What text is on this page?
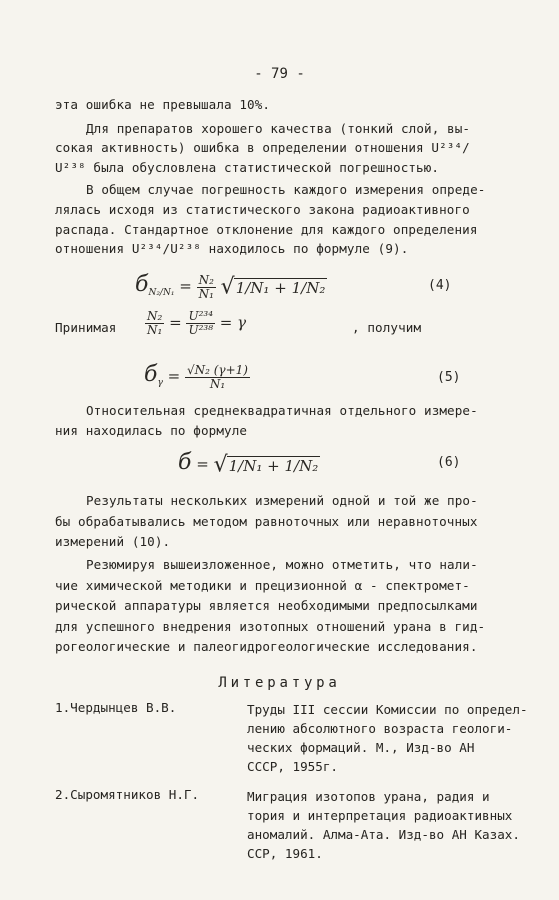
- 79 -
эта ошибка не превышала 10%.
Для препаратов хорошего качества (тонкий слой, вы-
сокая активность) ошибка в определении отношения U²³⁴/
U²³⁸ была обусловлена статистической погрешностью.
В общем случае погрешность каждого измерения опреде-
лялась исходя из статистического закона радиоактивного
распада. Стандартное отклонение для каждого определения
отношения U²³⁴/U²³⁸ находилось по формуле (9).
$б_{N_2/N_1} = \frac{\text{N₂}}{\text{N₁}} √1/N_1 + 1/N_2$	(4)
Принимая	$\frac{\text{N₂}}{\text{N₁}} = \frac{\text{U²³⁴}}{\text{U²³⁸}} = \gamma$	, получим
$б_\gamma = \frac{\text{√N₂ (γ+1)}}{\text{N₁}}$	(5)
Относительная среднеквадратичная отдельного измере-
ния находилась по формуле
б = √1/N₁ + 1/N₂	(6)
Результаты нескольких измерений одной и той же про-
бы обрабатывались методом равноточных или неравноточных
измерений (10).
Резюмируя вышеизложенное, можно отметить, что нали-
чие химической методики и прецизионной α - спектромет-
рической аппаратуры является необходимыми предпосылками
для успешного внедрения изотопных отношений урана в гид-
рогеологические и палеогидрогеологические исследования.
Литература
1.Чердынцев В.В.	Труды III сессии Комиссии по определ-
лению абсолютного возраста геологи-
ческих формаций. М., Изд-во АН
СССР, 1955г.
2.Сыромятников Н.Г.	Миграция изотопов урана, радия и
тория и интерпретация радиоактивных
аномалий. Алма-Ата. Изд-во АН Казах.
ССР, 1961.
